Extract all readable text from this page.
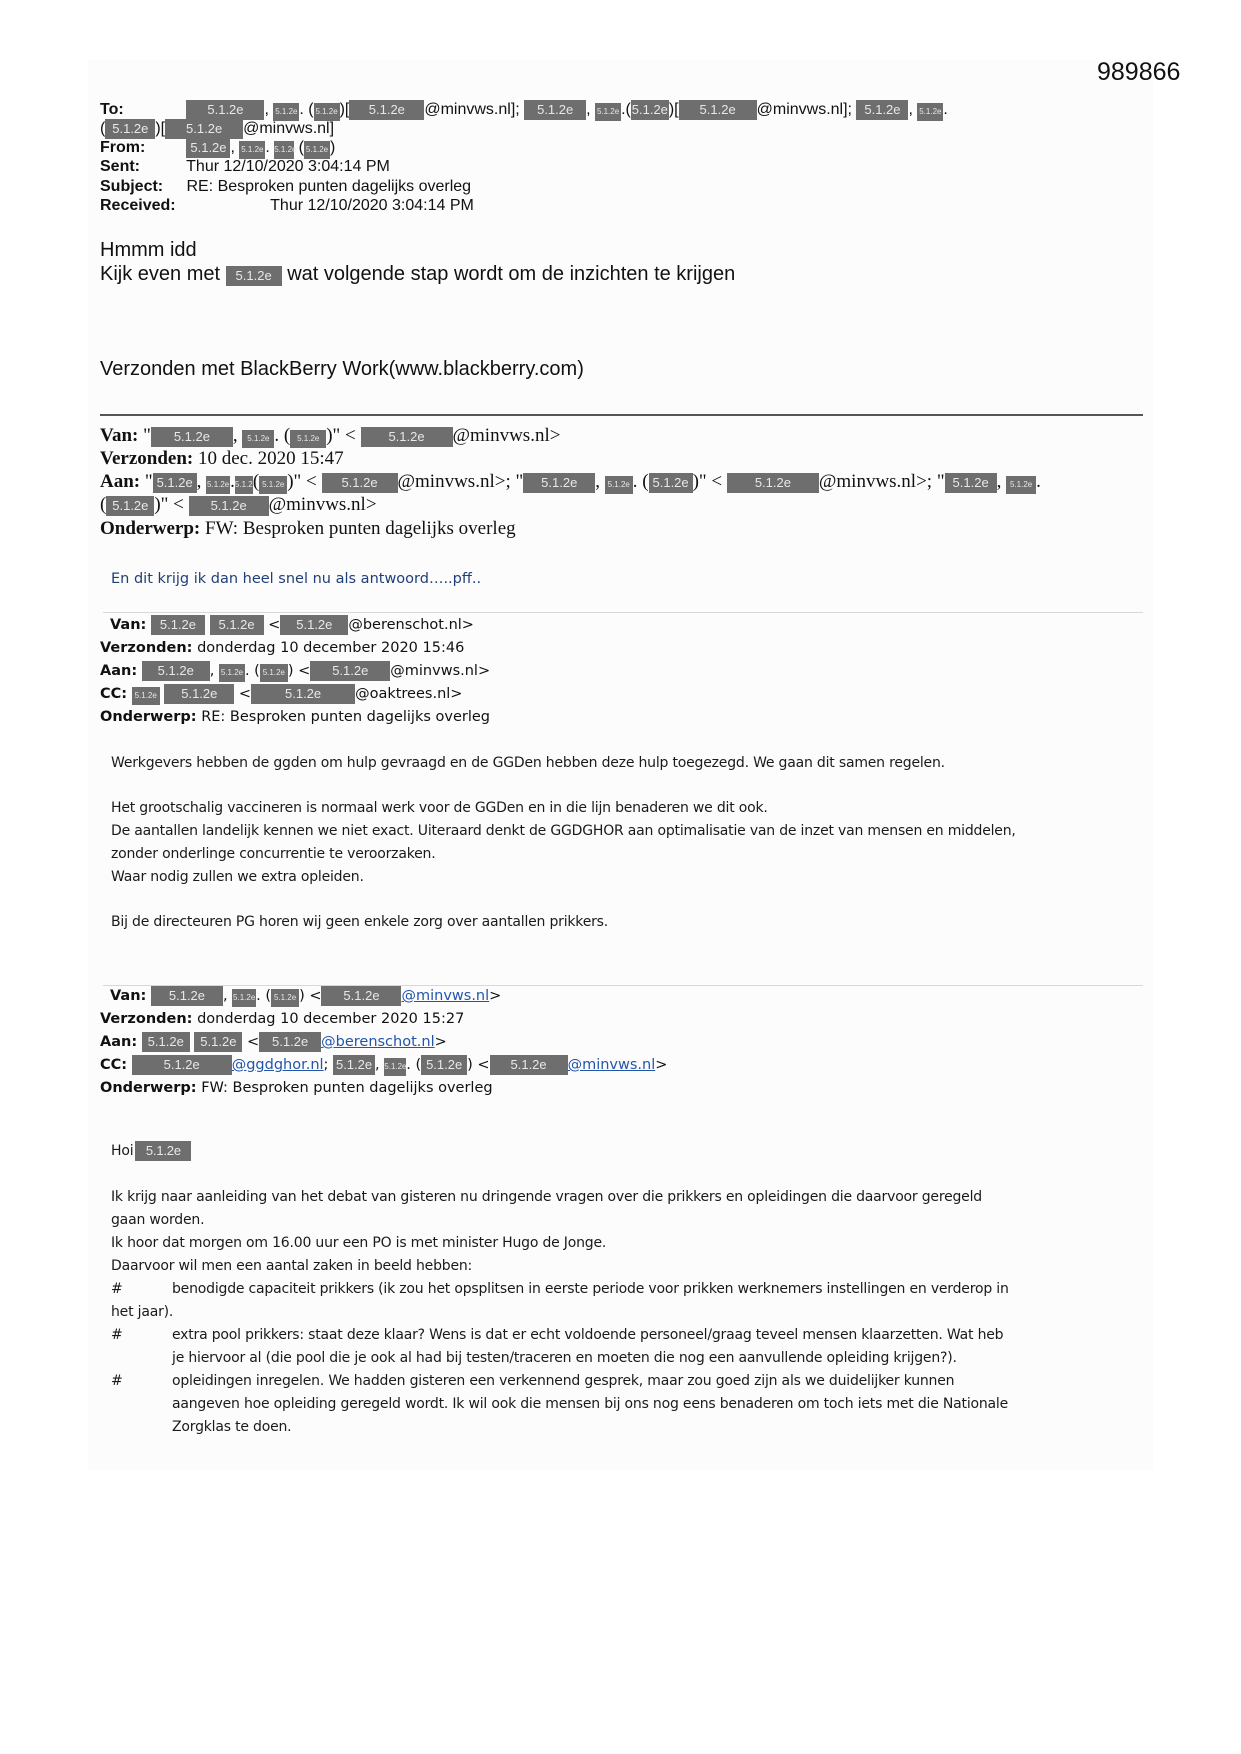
989866
To:	5.1.2e , 5.1.2e . ( 5.1.2e )[ 5.1.2e @minvws.nl]; 5.1.2e , 5.1.2e .(5.1.2e)[ 5.1.2e @minvws.nl]; 5.1.2e , 5.1.2e .
( 5.1.2e )[ 5.1.2e @minvws.nl]
From:	5.1.2e , 5.1.2e . 5.1.2e ( 5.1.2e )
Sent:	Thur 12/10/2020 3:04:14 PM
Subject: RE: Besproken punten dagelijks overleg
Received:	Thur 12/10/2020 3:04:14 PM
Hmmm idd
Kijk even met 5.1.2e wat volgende stap wordt om de inzichten te krijgen
Verzonden met BlackBerry Work(www.blackberry.com)
Van: " 5.1.2e , 5.1.2e . ( 5.1.2e )" < 5.1.2e @minvws.nl>
Verzonden: 10 dec. 2020 15:47
Aan: " 5.1.2e , 5.1.2e.5.1.2e( 5.1.2e )" < 5.1.2e @minvws.nl>; " 5.1.2e , 5.1.2e . ( 5.1.2e )" < 5.1.2e @minvws.nl>; " 5.1.2e , 5.1.2e .
( 5.1.2e )" < 5.1.2e @minvws.nl>
Onderwerp: FW: Besproken punten dagelijks overleg
En dit krijg ik dan heel snel nu als antwoord…..pff..
Van: 5.1.2e 5.1.2e < 5.1.2e @berenschot.nl>
Verzonden: donderdag 10 december 2020 15:46
Aan: 5.1.2e , 5.1.2e . ( 5.1.2e ) < 5.1.2e @minvws.nl>
CC: 5.1.2e 5.1.2e <	5.1.2e @oaktrees.nl>
Onderwerp: RE: Besproken punten dagelijks overleg
Werkgevers hebben de ggden om hulp gevraagd en de GGDen hebben deze hulp toegezegd. We gaan dit samen regelen.
Het grootschalig vaccineren is normaal werk voor de GGDen en in die lijn benaderen we dit ook.
De aantallen landelijk kennen we niet exact. Uiteraard denkt de GGDGHOR aan optimalisatie van de inzet van mensen en middelen,
zonder onderlinge concurrentie te veroorzaken.
Waar nodig zullen we extra opleiden.
Bij de directeuren PG horen wij geen enkele zorg over aantallen prikkers.
Van: 5.1.2e , 5.1.2e. ( 5.1.2e ) < 5.1.2e @minvws.nl>
Verzonden: donderdag 10 december 2020 15:27
Aan: 5.1.2e 5.1.2e < 5.1.2e @berenschot.nl>
CC:	5.1.2e @ggdghor.nl; 5.1.2e , 5.1.2e. ( 5.1.2e ) < 5.1.2e @minvws.nl>
Onderwerp: FW: Besproken punten dagelijks overleg
Hoi 5.1.2e
Ik krijg naar aanleiding van het debat van gisteren nu dringende vragen over die prikkers en opleidingen die daarvoor geregeld
gaan worden.
Ik hoor dat morgen om 16.00 uur een PO is met minister Hugo de Jonge.
Daarvoor wil men een aantal zaken in beeld hebben:
#	benodigde capaciteit prikkers (ik zou het opsplitsen in eerste periode voor prikken werknemers instellingen en verderop in
het jaar).
#	extra pool prikkers: staat deze klaar? Wens is dat er echt voldoende personeel/graag teveel mensen klaarzetten. Wat heb
je hiervoor al (die pool die je ook al had bij testen/traceren en moeten die nog een aanvullende opleiding krijgen?).
#	opleidingen inregelen. We hadden gisteren een verkennend gesprek, maar zou goed zijn als we duidelijker kunnen
aangeven hoe opleiding geregeld wordt. Ik wil ook die mensen bij ons nog eens benaderen om toch iets met die Nationale
Zorgklas te doen.
